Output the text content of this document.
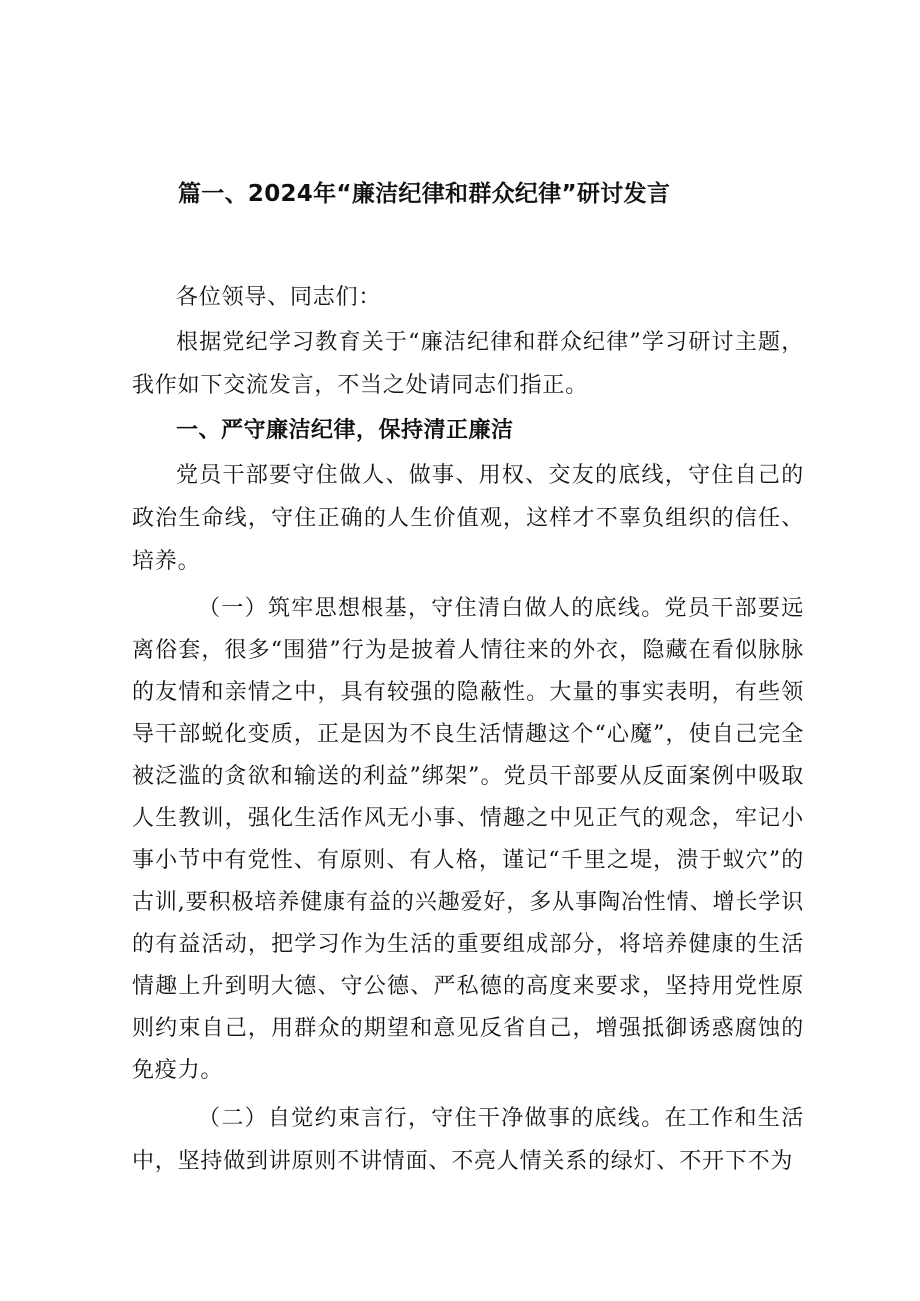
篇一、2024年“廉洁纪律和群众纪律”研讨发言

各位领导、同志们：

根据党纪学习教育关于“廉洁纪律和群众纪律”学习研讨主题，我作如下交流发言，不当之处请同志们指正。

一、严守廉洁纪律，保持清正廉洁

党员干部要守住做人、做事、用权、交友的底线，守住自己的政治生命线，守住正确的人生价值观，这样才不辜负组织的信任、培养。

（一）筑牢思想根基，守住清白做人的底线。党员干部要远离俗套，很多“围猎”行为是披着人情往来的外衣，隐藏在看似脉脉的友情和亲情之中，具有较强的隐蔽性。大量的事实表明，有些领导干部蜕化变质，正是因为不良生活情趣这个“心魔”，使自己完全被泛滥的贪欲和输送的利益”绑架”。党员干部要从反面案例中吸取人生教训，强化生活作风无小事、情趣之中见正气的观念，牢记小事小节中有党性、有原则、有人格，谨记“千里之堤，溃于蚁穴”的古训,要积极培养健康有益的兴趣爱好，多从事陶冶性情、增长学识的有益活动，把学习作为生活的重要组成部分，将培养健康的生活情趣上升到明大德、守公德、严私德的高度来要求，坚持用党性原则约束自己，用群众的期望和意见反省自己，增强抵御诱惑腐蚀的免疫力。

（二）自觉约束言行，守住干净做事的底线。在工作和生活中，坚持做到讲原则不讲情面、不亮人情关系的绿灯、不开下不为
